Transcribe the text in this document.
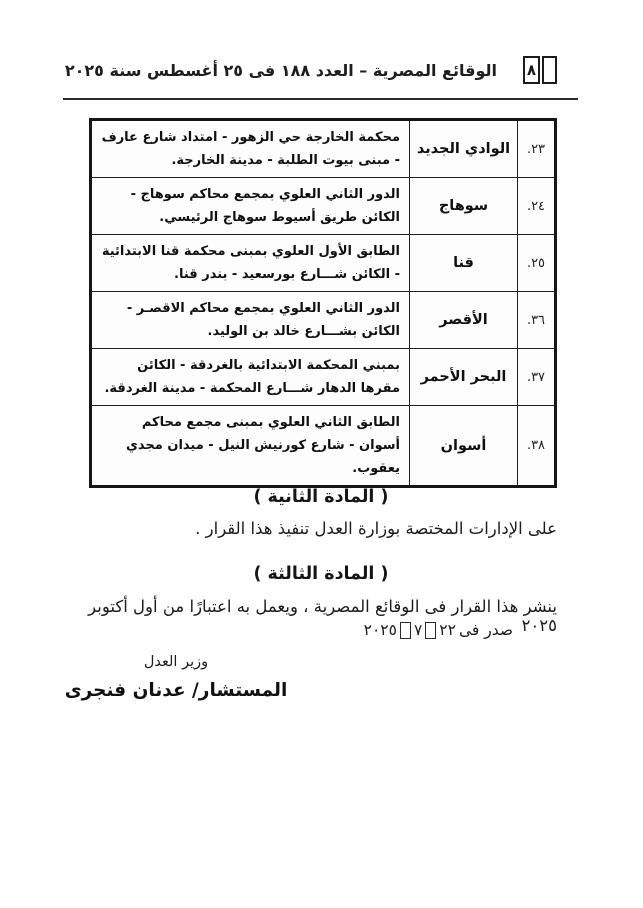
٨
الوقائع المصرية – العدد ١٨٨ فى ٢٥ أغسطس سنة ٢٠٢٥
٢٣.	الوادي الجديد	محكمة الخارجة حي الزهور - امتداد شارع عارف - مبنى بيوت الطلبة - مدينة الخارجة.
٢٤.	سوهاج	الدور الثاني العلوي بمجمع محاكم سوهاج - الكائن طريق أسيوط سوهاج الرئيسي.
٢٥.	قنا	الطابق الأول العلوي بمبنى محكمة قنا الابتدائية - الكائن شـــارع بورسعيد - بندر قنا.
٣٦.	الأقصر	الدور الثاني العلوي بمجمع محاكم الاقصـر - الكائن بشـــارع خالد بن الوليد.
٣٧.	البحر الأحمر	بمبني المحكمة الابتدائية بالغردقة - الكائن مقرها الدهار شـــارع المحكمة - مدينة الغردقة.
٣٨.	أسوان	الطابق الثاني العلوي بمبنى مجمع محاكم أسوان - شارع كورنيش النيل - ميدان مجدي يعقوب.
( المادة الثانية )
على الإدارات المختصة بوزارة العدل تنفيذ هذا القرار .
( المادة الثالثة )
ينشر هذا القرار فى الوقائع المصرية ، ويعمل به اعتبارًا من أول أكتوبر ٢٠٢٥
صدر فى
٢٢
٧
٢٠٢٥
وزير العدل
المستشار/ عدنان فنجرى
